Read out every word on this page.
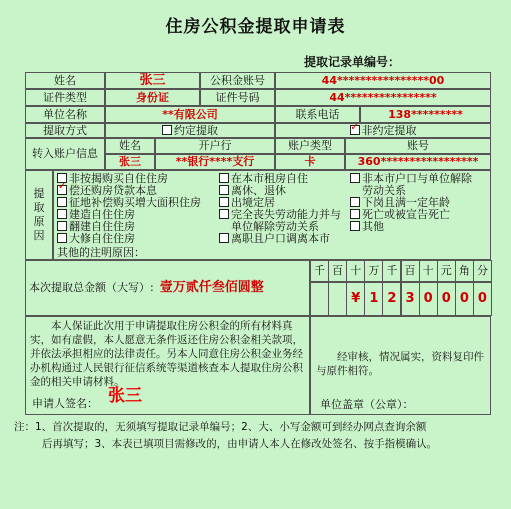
住房公积金提取申请表
提取记录单编号：
姓名	张三	公积金账号	44****************00
证件类型	身份证	证件号码	44****************
单位名称	**有限公司	联系电话	138*********
提取方式	约定提取
✓	非约定提取
转入账户信息
姓名	开户行	账户类型	账号
张三	**银行****支行	卡	360*****************
提
取
原
因
非按揭购买自住住房
✓偿还购房贷款本息
征地补偿购买增大面积住房
建造自住住房
翻建自住住房
大修自住住房
在本市租房自住
离休、退休
出境定居
完全丧失劳动能力并与
单位解除劳动关系
离职且户口调离本市
非本市户口与单位解除
劳动关系
下岗且满一定年龄
死亡或被宣告死亡
其他
其他的注明原因：
本次提取总金额（大写）: 壹万贰仟叁佰圆整
千 百 十
¥
万
1
千
2
百
3
十
0
元
0
角
0
分
0
本人保证此次用于申请提取住房公积金的所有材料真实，如有虚假，本人愿意无条件返还住房公积金相关款项，并依法承担相应的法律责任。另本人同意住房公积金业务经办机构通过人民银行征信系统等渠道核查本人提取住房公积金的相关申请材料。
申请人签名： 张三
经审核，情况属实，资料复印件与原件相符。
单位盖章（公章）：
注：1、首次提取的，无须填写提取记录单编号；2、大、小写金额可到经办网点查询余额
后再填写；3、本表已填项目需修改的，由申请人本人在修改处签名、按手指模确认。
